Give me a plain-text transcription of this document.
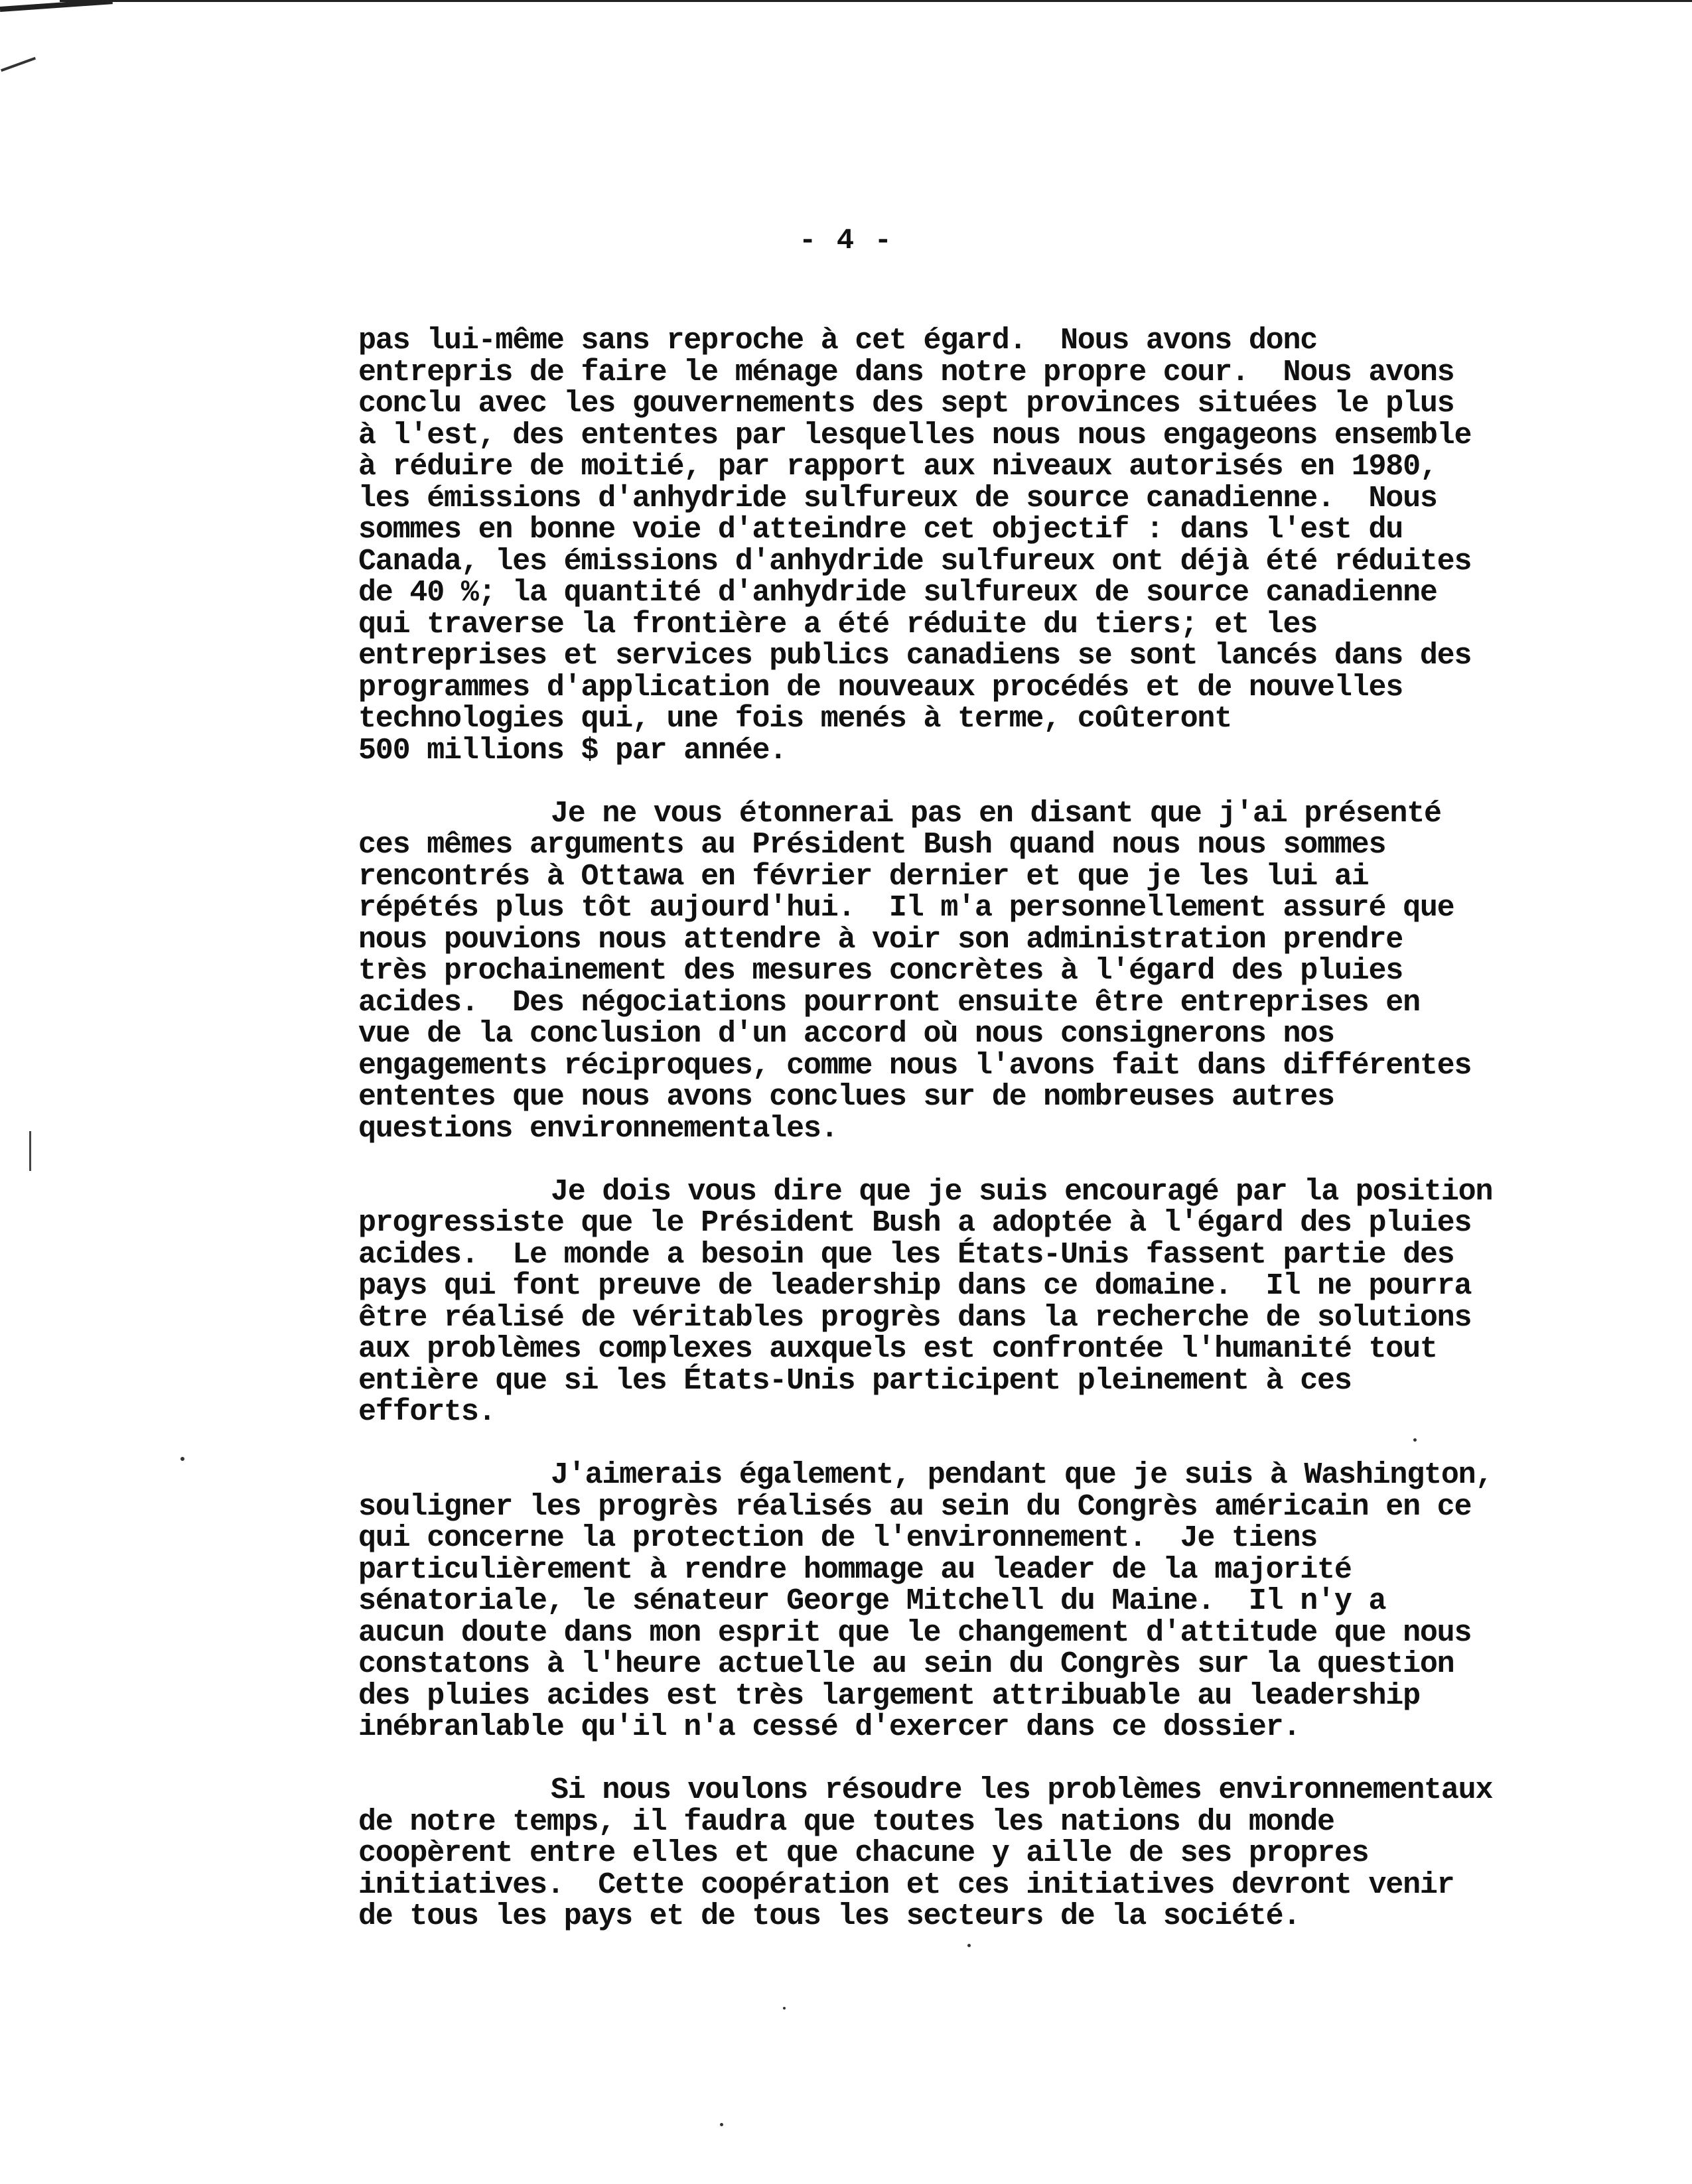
- 4 -
pas lui-même sans reproche à cet égard.  Nous avons donc
entrepris de faire le ménage dans notre propre cour.  Nous avons
conclu avec les gouvernements des sept provinces situées le plus
à l'est, des ententes par lesquelles nous nous engageons ensemble
à réduire de moitié, par rapport aux niveaux autorisés en 1980,
les émissions d'anhydride sulfureux de source canadienne.  Nous
sommes en bonne voie d'atteindre cet objectif : dans l'est du
Canada, les émissions d'anhydride sulfureux ont déjà été réduites
de 40 %; la quantité d'anhydride sulfureux de source canadienne
qui traverse la frontière a été réduite du tiers; et les
entreprises et services publics canadiens se sont lancés dans des
programmes d'application de nouveaux procédés et de nouvelles
technologies qui, une fois menés à terme, coûteront
500 millions $ par année.
Je ne vous étonnerai pas en disant que j'ai présenté
ces mêmes arguments au Président Bush quand nous nous sommes
rencontrés à Ottawa en février dernier et que je les lui ai
répétés plus tôt aujourd'hui.  Il m'a personnellement assuré que
nous pouvions nous attendre à voir son administration prendre
très prochainement des mesures concrètes à l'égard des pluies
acides.  Des négociations pourront ensuite être entreprises en
vue de la conclusion d'un accord où nous consignerons nos
engagements réciproques, comme nous l'avons fait dans différentes
ententes que nous avons conclues sur de nombreuses autres
questions environnementales.
Je dois vous dire que je suis encouragé par la position
progressiste que le Président Bush a adoptée à l'égard des pluies
acides.  Le monde a besoin que les États-Unis fassent partie des
pays qui font preuve de leadership dans ce domaine.  Il ne pourra
être réalisé de véritables progrès dans la recherche de solutions
aux problèmes complexes auxquels est confrontée l'humanité tout
entière que si les États-Unis participent pleinement à ces
efforts.
J'aimerais également, pendant que je suis à Washington,
souligner les progrès réalisés au sein du Congrès américain en ce
qui concerne la protection de l'environnement.  Je tiens
particulièrement à rendre hommage au leader de la majorité
sénatoriale, le sénateur George Mitchell du Maine.  Il n'y a
aucun doute dans mon esprit que le changement d'attitude que nous
constatons à l'heure actuelle au sein du Congrès sur la question
des pluies acides est très largement attribuable au leadership
inébranlable qu'il n'a cessé d'exercer dans ce dossier.
Si nous voulons résoudre les problèmes environnementaux
de notre temps, il faudra que toutes les nations du monde
coopèrent entre elles et que chacune y aille de ses propres
initiatives.  Cette coopération et ces initiatives devront venir
de tous les pays et de tous les secteurs de la société.
